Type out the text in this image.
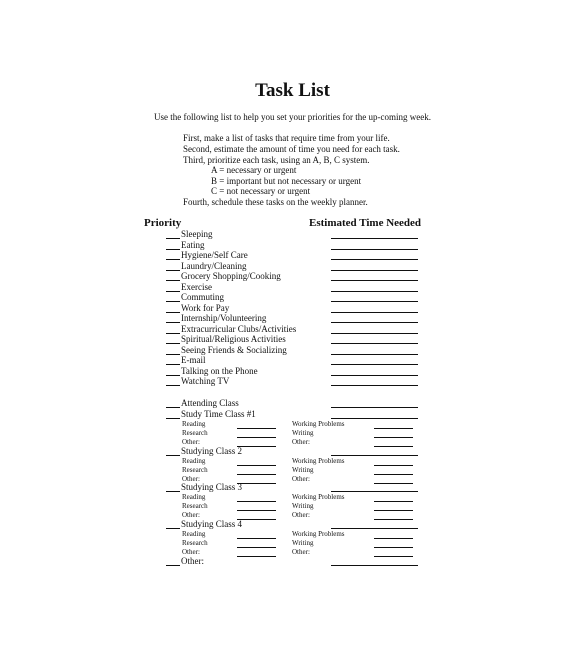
Task List
Use the following list to help you set your priorities for the up-coming week.
First, make a list of tasks that require time from your life.
Second, estimate the amount of time you need for each task.
Third, prioritize each task, using an A, B, C system.
A = necessary or urgent
B = important but not necessary or urgent
C = not necessary or urgent
Fourth, schedule these tasks on the weekly planner.
Priority	Estimated Time Needed
Sleeping
Eating
Hygiene/Self Care
Laundry/Cleaning
Grocery Shopping/Cooking
Exercise
Commuting
Work for Pay
Internship/Volunteering
Extracurricular Clubs/Activities
Spiritual/Religious Activities
Seeing Friends & Socializing
E-mail
Talking on the Phone
Watching TV
Attending Class
Study Time Class #1
Reading	Working Problems
Research	Writing
Other:	Other:
Studying Class 2
Reading	Working Problems
Research	Writing
Other:	Other:
Studying Class 3
Reading	Working Problems
Research	Writing
Other:	Other:
Studying Class 4
Reading	Working Problems
Research	Writing
Other:	Other:
Other:
